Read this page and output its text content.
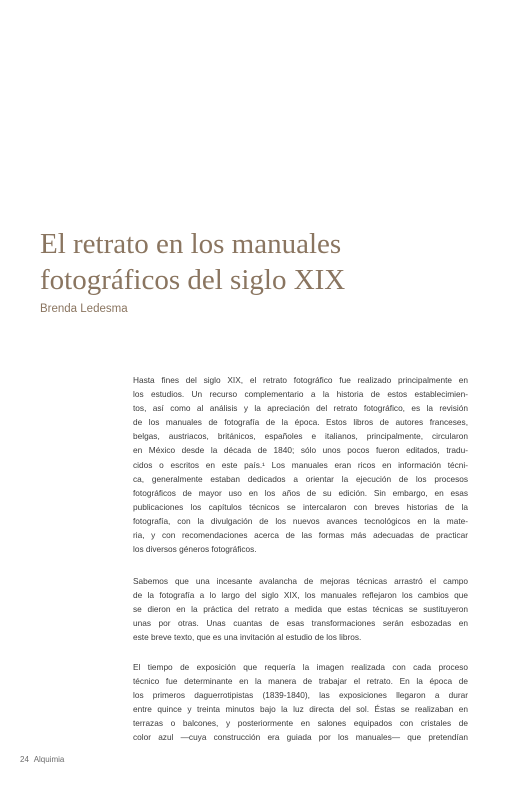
El retrato en los manuales
fotográficos del siglo XIX

Brenda Ledesma

Hasta fines del siglo XIX, el retrato fotográfico fue realizado principalmente en
los estudios. Un recurso complementario a la historia de estos establecimien-
tos, así como al análisis y la apreciación del retrato fotográfico, es la revisión
de los manuales de fotografía de la época. Estos libros de autores franceses,
belgas, austriacos, británicos, españoles e italianos, principalmente, circularon
en México desde la década de 1840; sólo unos pocos fueron editados, tradu-
cidos o escritos en este país.¹ Los manuales eran ricos en información técni-
ca, generalmente estaban dedicados a orientar la ejecución de los procesos
fotográficos de mayor uso en los años de su edición. Sin embargo, en esas
publicaciones los capítulos técnicos se intercalaron con breves historias de la
fotografía, con la divulgación de los nuevos avances tecnológicos en la mate-
ria, y con recomendaciones acerca de las formas más adecuadas de practicar
los diversos géneros fotográficos.

Sabemos que una incesante avalancha de mejoras técnicas arrastró el campo
de la fotografía a lo largo del siglo XIX, los manuales reflejaron los cambios que
se dieron en la práctica del retrato a medida que estas técnicas se sustituyeron
unas por otras. Unas cuantas de esas transformaciones serán esbozadas en
este breve texto, que es una invitación al estudio de los libros.

El tiempo de exposición que requería la imagen realizada con cada proceso
técnico fue determinante en la manera de trabajar el retrato. En la época de
los primeros daguerrotipistas (1839-1840), las exposiciones llegaron a durar
entre quince y treinta minutos bajo la luz directa del sol. Éstas se realizaban en
terrazas o balcones, y posteriormente en salones equipados con cristales de
color azul —cuya construcción era guiada por los manuales— que pretendían

24 Alquimia
